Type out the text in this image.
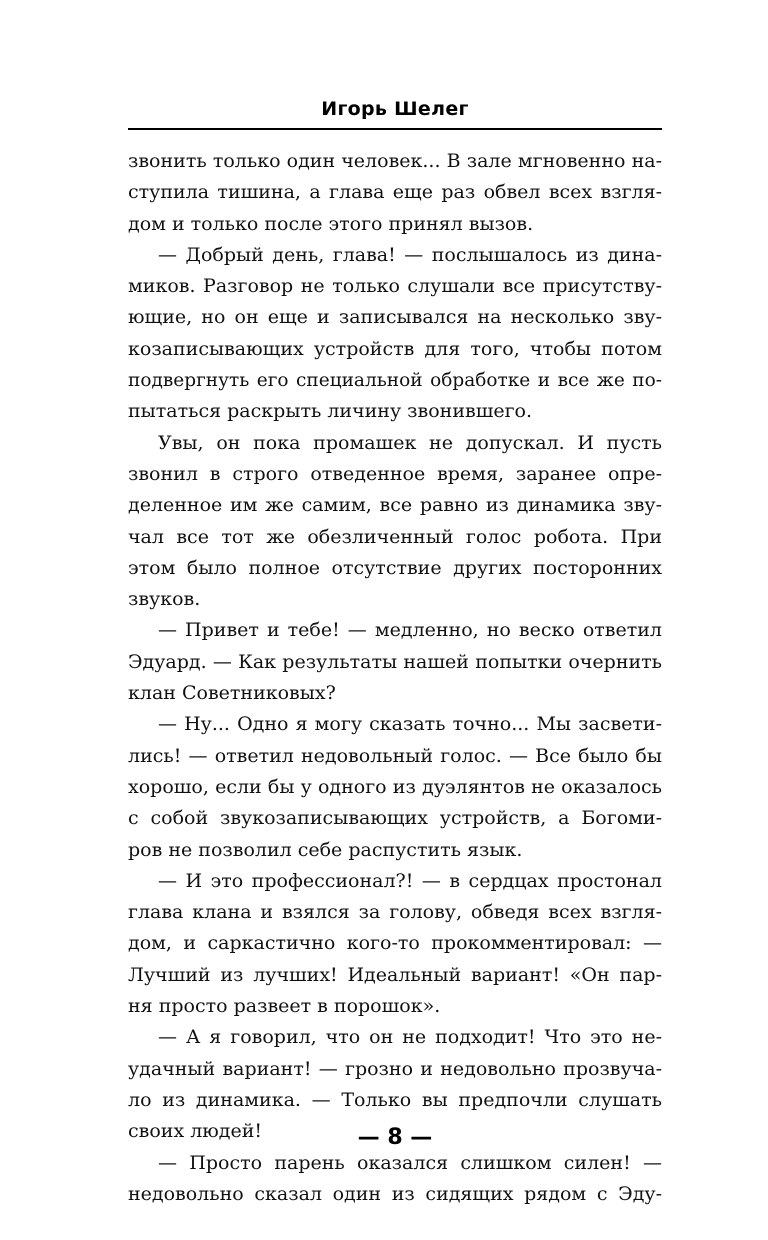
Игорь Шелег
звонить только один человек... В зале мгновенно на-
ступила тишина, а глава еще раз обвел всех взгля-
дом и только после этого принял вызов.
— Добрый день, глава! — послышалось из дина-
миков. Разговор не только слушали все присутству-
ющие, но он еще и записывался на несколько зву-
козаписывающих устройств для того, чтобы потом
подвергнуть его специальной обработке и все же по-
пытаться раскрыть личину звонившего.
Увы, он пока промашек не допускал. И пусть
звонил в строго отведенное время, заранее опре-
деленное им же самим, все равно из динамика зву-
чал все тот же обезличенный голос робота. При
этом было полное отсутствие других посторонних
звуков.
— Привет и тебе! — медленно, но веско ответил
Эдуард. — Как результаты нашей попытки очернить
клан Советниковых?
— Ну... Одно я могу сказать точно... Мы засвети-
лись! — ответил недовольный голос. — Все было бы
хорошо, если бы у одного из дуэлянтов не оказалось
с собой звукозаписывающих устройств, а Богоми-
ров не позволил себе распустить язык.
— И это профессионал?! — в сердцах простонал
глава клана и взялся за голову, обведя всех взгля-
дом, и саркастично кого-то прокомментировал: —
Лучший из лучших! Идеальный вариант! «Он пар-
ня просто развеет в порошок».
— А я говорил, что он не подходит! Что это не-
удачный вариант! — грозно и недовольно прозвуча-
ло из динамика. — Только вы предпочли слушать
своих людей!
— Просто парень оказался слишком силен! —
недовольно сказал один из сидящих рядом с Эду-
— 8 —
